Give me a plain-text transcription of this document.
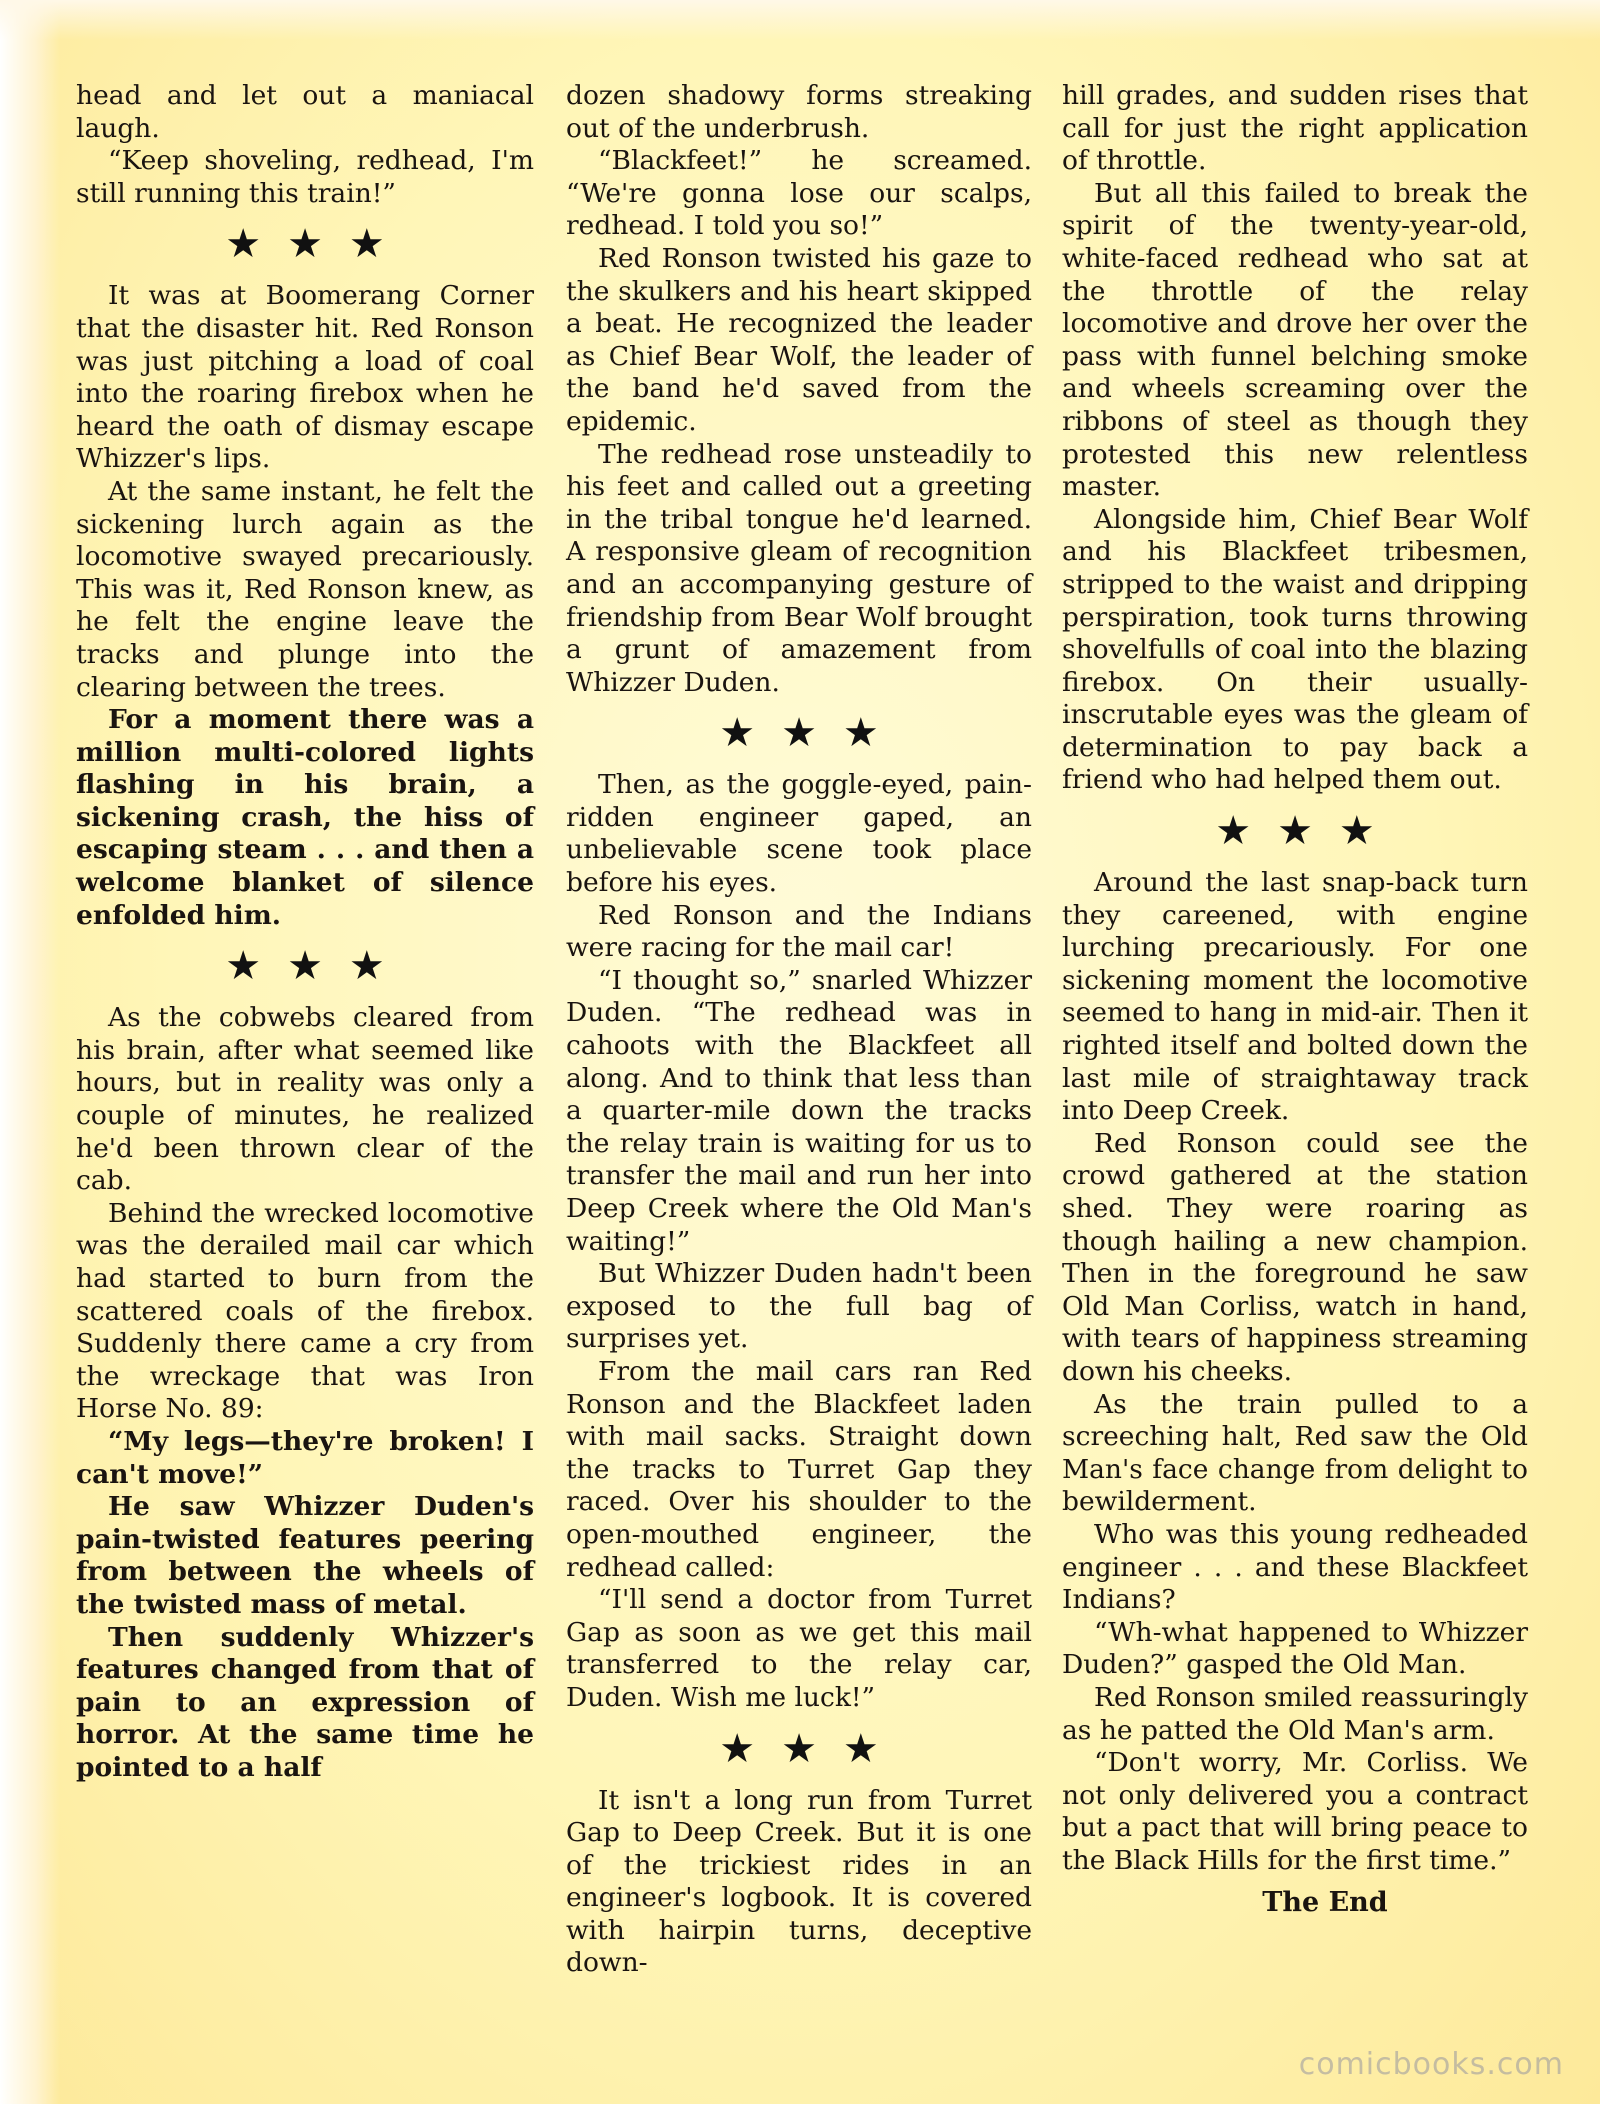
head and let out a maniacal laugh.

“Keep shoveling, redhead, I'm still running this train!”

★★★

It was at Boomerang Corner that the disaster hit. Red Ronson was just pitching a load of coal into the roaring firebox when he heard the oath of dismay escape Whizzer's lips.

At the same instant, he felt the sickening lurch again as the locomotive swayed precariously. This was it, Red Ronson knew, as he felt the engine leave the tracks and plunge into the clearing between the trees.

For a moment there was a million multi-colored lights flashing in his brain, a sickening crash, the hiss of escaping steam . . . and then a welcome blanket of silence enfolded him.

★★★

As the cobwebs cleared from his brain, after what seemed like hours, but in reality was only a couple of minutes, he realized he'd been thrown clear of the cab.

Behind the wrecked locomotive was the derailed mail car which had started to burn from the scattered coals of the firebox. Suddenly there came a cry from the wreckage that was Iron Horse No. 89:

“My legs—they're broken! I can't move!”

He saw Whizzer Duden's pain-twisted features peering from between the wheels of the twisted mass of metal.

Then suddenly Whizzer's features changed from that of pain to an expression of horror. At the same time he pointed to a half

dozen shadowy forms streaking out of the underbrush.

“Blackfeet!” he screamed. “We're gonna lose our scalps, redhead. I told you so!”

Red Ronson twisted his gaze to the skulkers and his heart skipped a beat. He recognized the leader as Chief Bear Wolf, the leader of the band he'd saved from the epidemic.

The redhead rose unsteadily to his feet and called out a greeting in the tribal tongue he'd learned. A responsive gleam of recognition and an accompanying gesture of friendship from Bear Wolf brought a grunt of amazement from Whizzer Duden.

★★★

Then, as the goggle-eyed, pain-ridden engineer gaped, an unbelievable scene took place before his eyes.

Red Ronson and the Indians were racing for the mail car!

“I thought so,” snarled Whizzer Duden. “The redhead was in cahoots with the Blackfeet all along. And to think that less than a quarter-mile down the tracks the relay train is waiting for us to transfer the mail and run her into Deep Creek where the Old Man's waiting!”

But Whizzer Duden hadn't been exposed to the full bag of surprises yet.

From the mail cars ran Red Ronson and the Blackfeet laden with mail sacks. Straight down the tracks to Turret Gap they raced. Over his shoulder to the open-mouthed engineer, the redhead called:

“I'll send a doctor from Turret Gap as soon as we get this mail transferred to the relay car, Duden. Wish me luck!”

★★★

It isn't a long run from Turret Gap to Deep Creek. But it is one of the trickiest rides in an engineer's logbook. It is covered with hairpin turns, deceptive down-

hill grades, and sudden rises that call for just the right application of throttle.

But all this failed to break the spirit of the twenty-year-old, white-faced redhead who sat at the throttle of the relay locomotive and drove her over the pass with funnel belching smoke and wheels screaming over the ribbons of steel as though they protested this new relentless master.

Alongside him, Chief Bear Wolf and his Blackfeet tribesmen, stripped to the waist and dripping perspiration, took turns throwing shovelfulls of coal into the blazing firebox. On their usually-inscrutable eyes was the gleam of determination to pay back a friend who had helped them out.

★★★

Around the last snap-back turn they careened, with engine lurching precariously. For one sickening moment the locomotive seemed to hang in mid-air. Then it righted itself and bolted down the last mile of straightaway track into Deep Creek.

Red Ronson could see the crowd gathered at the station shed. They were roaring as though hailing a new champion. Then in the foreground he saw Old Man Corliss, watch in hand, with tears of happiness streaming down his cheeks.

As the train pulled to a screeching halt, Red saw the Old Man's face change from delight to bewilderment.

Who was this young redheaded engineer . . . and these Blackfeet Indians?

“Wh-what happened to Whizzer Duden?” gasped the Old Man.

Red Ronson smiled reassuringly as he patted the Old Man's arm.

“Don't worry, Mr. Corliss. We not only delivered you a contract but a pact that will bring peace to the Black Hills for the first time.”

The End

comicbooks.com
